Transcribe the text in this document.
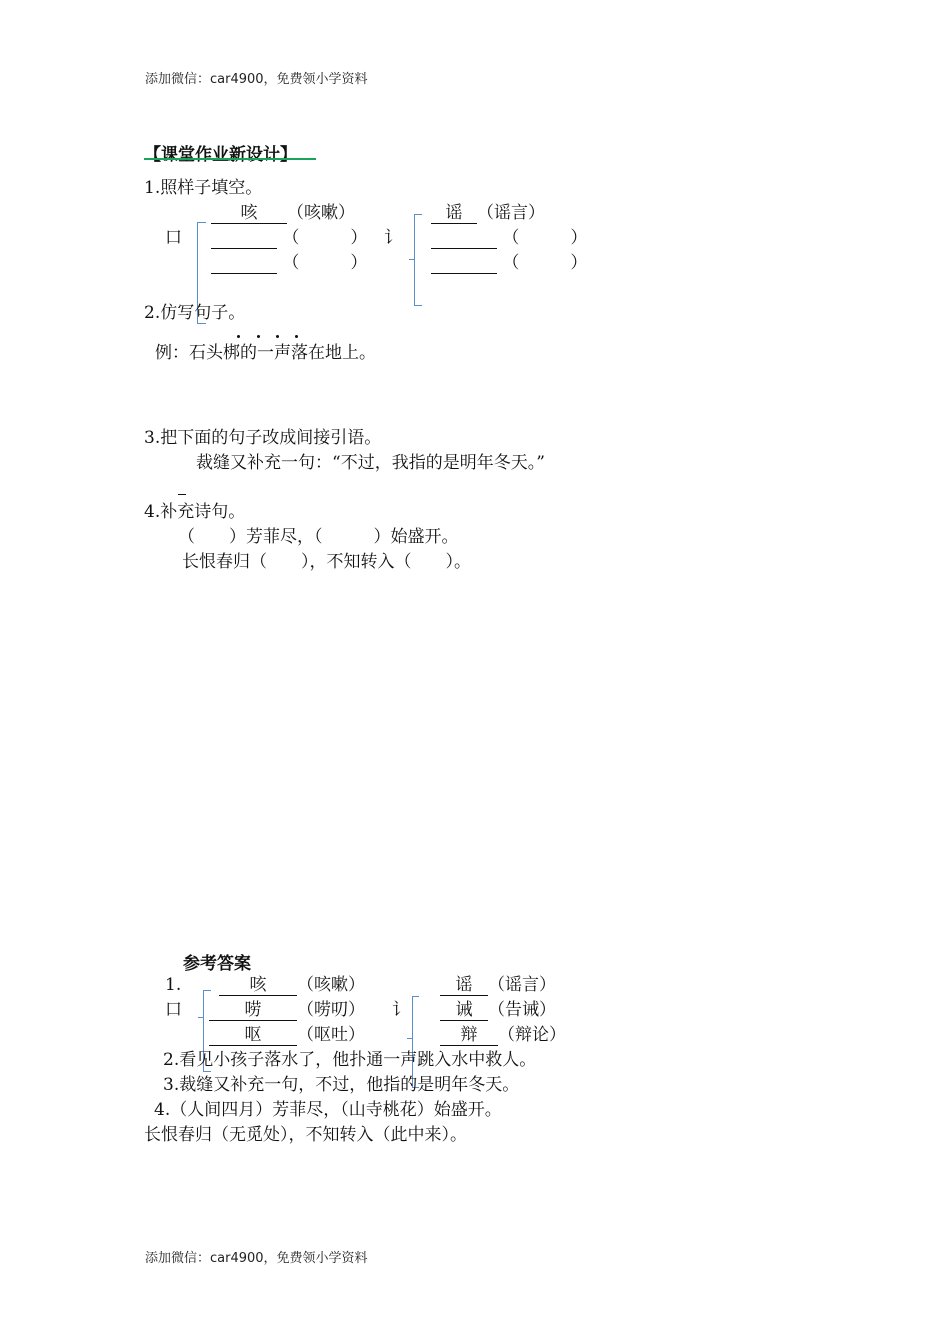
添加微信：car4900，免费领小学资料
添加微信：car4900，免费领小学资料
【课堂作业新设计】
1.照样子填空。
口
咳 （咳嗽）
（　　　）
（　　　）
讠
谣 （谣言）
（　　　）
（　　　）
2.仿写句子。
例：石头梆的一声落在地上。
3.把下面的句子改成间接引语。
裁缝又补充一句：“不过，我指的是明年冬天。”
4.补充诗句。
（　　）芳菲尽，（　　　）始盛开。
长恨春归（　　），不知转入（　　）。
参考答案
1.
口
咳 （咳嗽）
唠 （唠叨）
呕 （呕吐）
讠
谣 （谣言）
诫 （告诫）
辩 （辩论）
2.看见小孩子落水了，他扑通一声跳入水中救人。
3.裁缝又补充一句，不过，他指的是明年冬天。
4.（人间四月）芳菲尽，（山寺桃花）始盛开。
长恨春归（无觅处），不知转入（此中来）。
